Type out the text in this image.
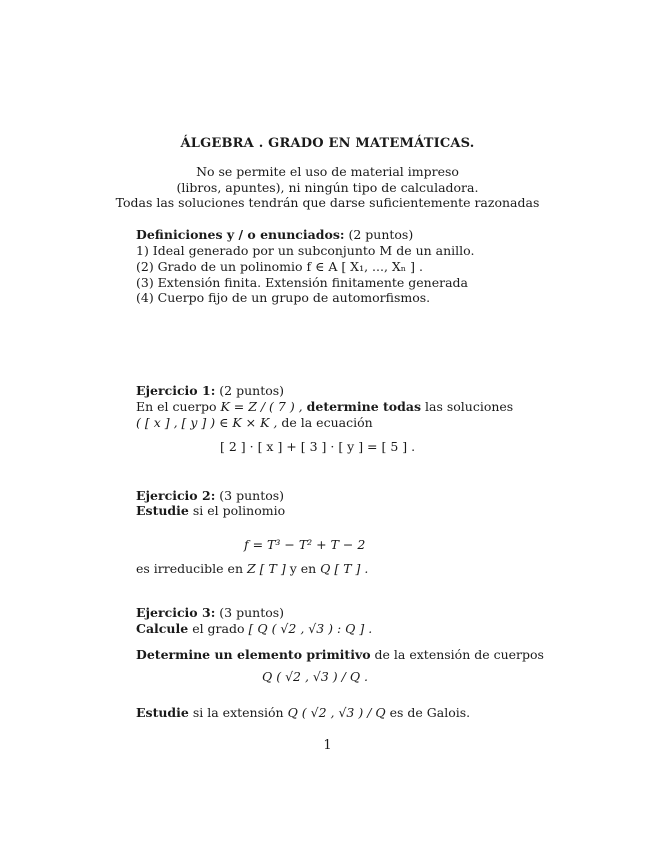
ÁLGEBRA . GRADO EN MATEMÁTICAS.
No se permite el uso de material impreso
(libros, apuntes), ni ningún tipo de calculadora.
Todas las soluciones tendrán que darse suficientemente razonadas
Definiciones y / o enunciados: (2 puntos)
1) Ideal generado por un subconjunto M de un anillo.
(2) Grado de un polinomio f ∈ A [ X₁, ..., Xₙ ] .
(3) Extensión finita. Extensión finitamente generada
(4) Cuerpo fijo de un grupo de automorfismos.
Ejercicio 1: (2 puntos)
En el cuerpo K = Z / ( 7 ) , determine todas las soluciones
( [ x ] , [ y ] ) ∈ K × K , de la ecuación
[ 2 ] · [ x ] + [ 3 ] · [ y ] = [ 5 ] .
Ejercicio 2: (3 puntos)
Estudie si el polinomio
f = T³ − T² + T − 2
es irreducible en Z [ T ] y en Q [ T ] .
Ejercicio 3: (3 puntos)
Calcule el grado [ Q ( √2 , √3 ) : Q ] .
Determine un elemento primitivo de la extensión de cuerpos
Q ( √2 , √3 ) / Q .
Estudie si la extensión Q ( √2 , √3 ) / Q es de Galois.
1
